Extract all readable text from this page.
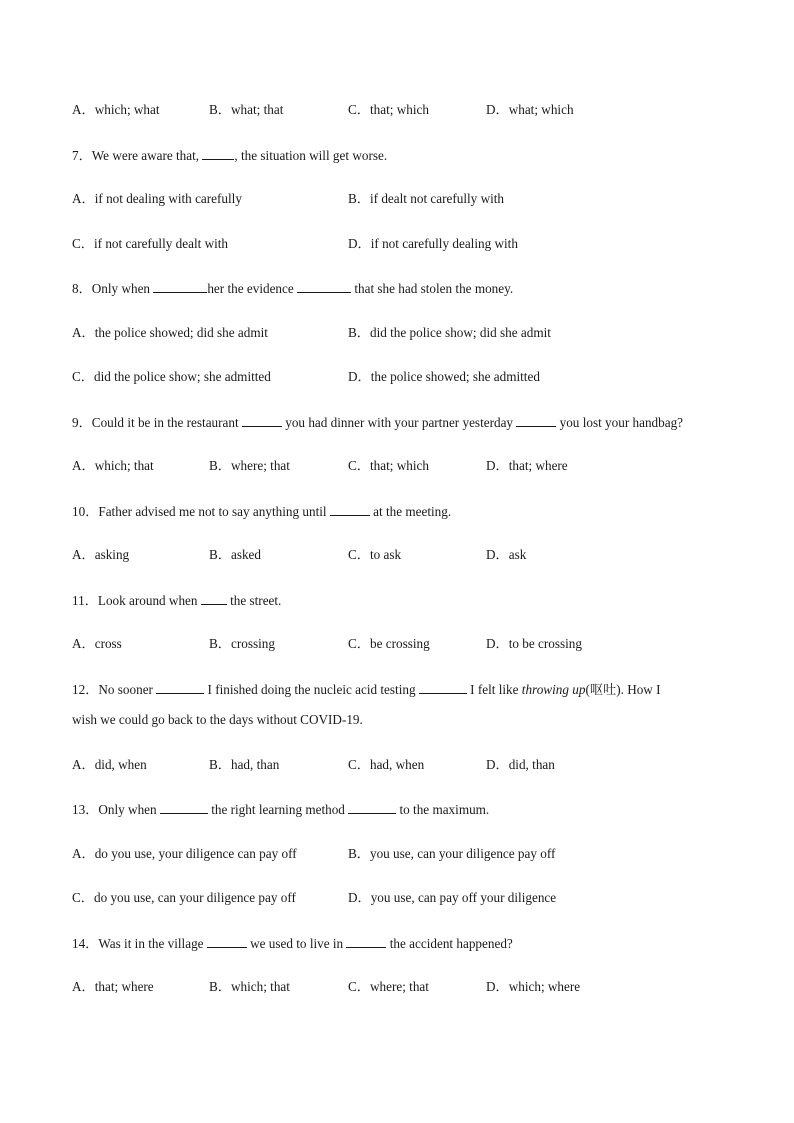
A．which; what	B．what; that	C．that; which	D．what; which
7．We were aware that, , the situation will get worse.
A．if not dealing with carefully	B．if dealt not carefully with
C．if not carefully dealt with	D．if not carefully dealing with
8．Only when	her the evidence	that she had stolen the money.
A．the police showed; did she admit	B．did the police show; did she admit
C．did the police show; she admitted	D．the police showed; she admitted
9．Could it be in the restaurant	you had dinner with your partner yesterday	you lost your handbag?
A．which; that	B．where; that	C．that; which	D．that; where
10．Father advised me not to say anything until	at the meeting.
A．asking	B．asked	C．to ask	D．ask
11．Look around when  the street.
A．cross	B．crossing	C．be crossing	D．to be crossing
12．No sooner	I finished doing the nucleic acid testing	I felt like throwing up(呕吐). How I
wish we could go back to the days without COVID-19.
A．did, when	B．had, than	C．had, when	D．did, than
13．Only when	the right learning method	to the maximum.
A．do you use, your diligence can pay off	B．you use, can your diligence pay off
C．do you use, can your diligence pay off	D．you use, can pay off your diligence
14．Was it in the village	we used to live in	the accident happened?
A．that; where	B．which; that	C．where; that	D．which; where
